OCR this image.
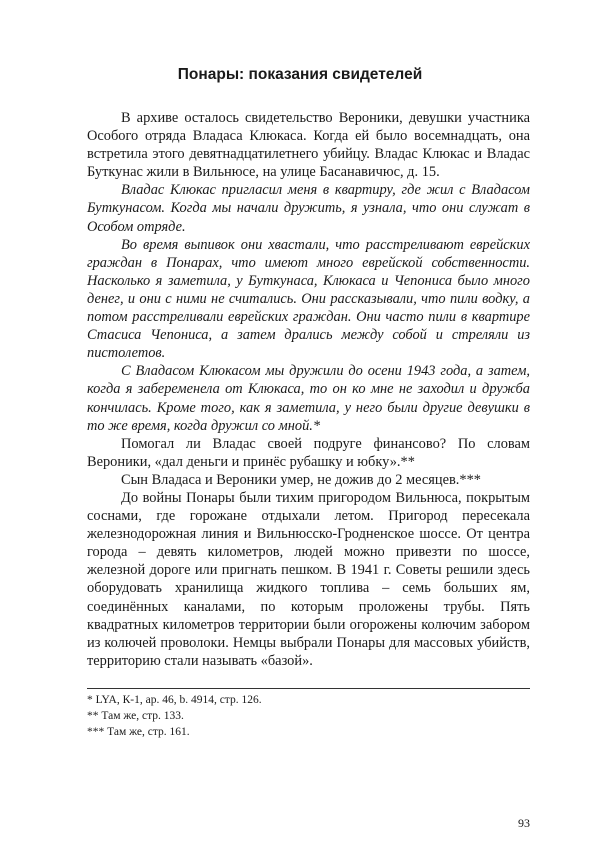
Понары: показания свидетелей

В архиве осталось свидетельство Вероники, девушки участника Особого отряда Владаса Клюкаса. Когда ей было восемнадцать, она встретила этого девятнадцатилетнего убийцу. Владас Клюкас и Владас Буткунас жили в Вильнюсе, на улице Басанавичюс, д. 15.

Владас Клюкас пригласил меня в квартиру, где жил с Владасом Буткунасом. Когда мы начали дружить, я узнала, что они служат в Особом отряде.

Во время выпивок они хвастали, что расстреливают еврейских граждан в Понарах, что имеют много еврейской собственности. Насколько я заметила, у Буткунаса, Клюкаса и Чепониса было много денег, и они с ними не считались. Они рассказывали, что пили водку, а потом расстреливали еврейских граждан. Они часто пили в квартире Стасиса Чепониса, а затем дрались между собой и стреляли из пистолетов.

С Владасом Клюкасом мы дружили до осени 1943 года, а затем, когда я забеременела от Клюкаса, то он ко мне не заходил и дружба кончилась. Кроме того, как я заметила, у него были другие девушки в то же время, когда дружил со мной.*

Помогал ли Владас своей подруге финансово? По словам Вероники, «дал деньги и принёс рубашку и юбку».**

Сын Владаса и Вероники умер, не дожив до 2 месяцев.***

До войны Понары были тихим пригородом Вильнюса, покрытым соснами, где горожане отдыхали летом. Пригород пересекала железнодорожная линия и Вильнюсско-Гродненское шоссе. От центра города – девять километров, людей можно привезти по шоссе, железной дороге или пригнать пешком. В 1941 г. Советы решили здесь оборудовать хранилища жидкого топлива – семь больших ям, соединённых каналами, по которым проложены трубы. Пять квадратных километров территории были огорожены колючим забором из колючей проволоки. Немцы выбрали Понары для массовых убийств, территорию стали называть «базой».

* LYA, К-1, ap. 46, b. 4914, стр. 126.
** Там же, стр. 133.
*** Там же, стр. 161.
93
